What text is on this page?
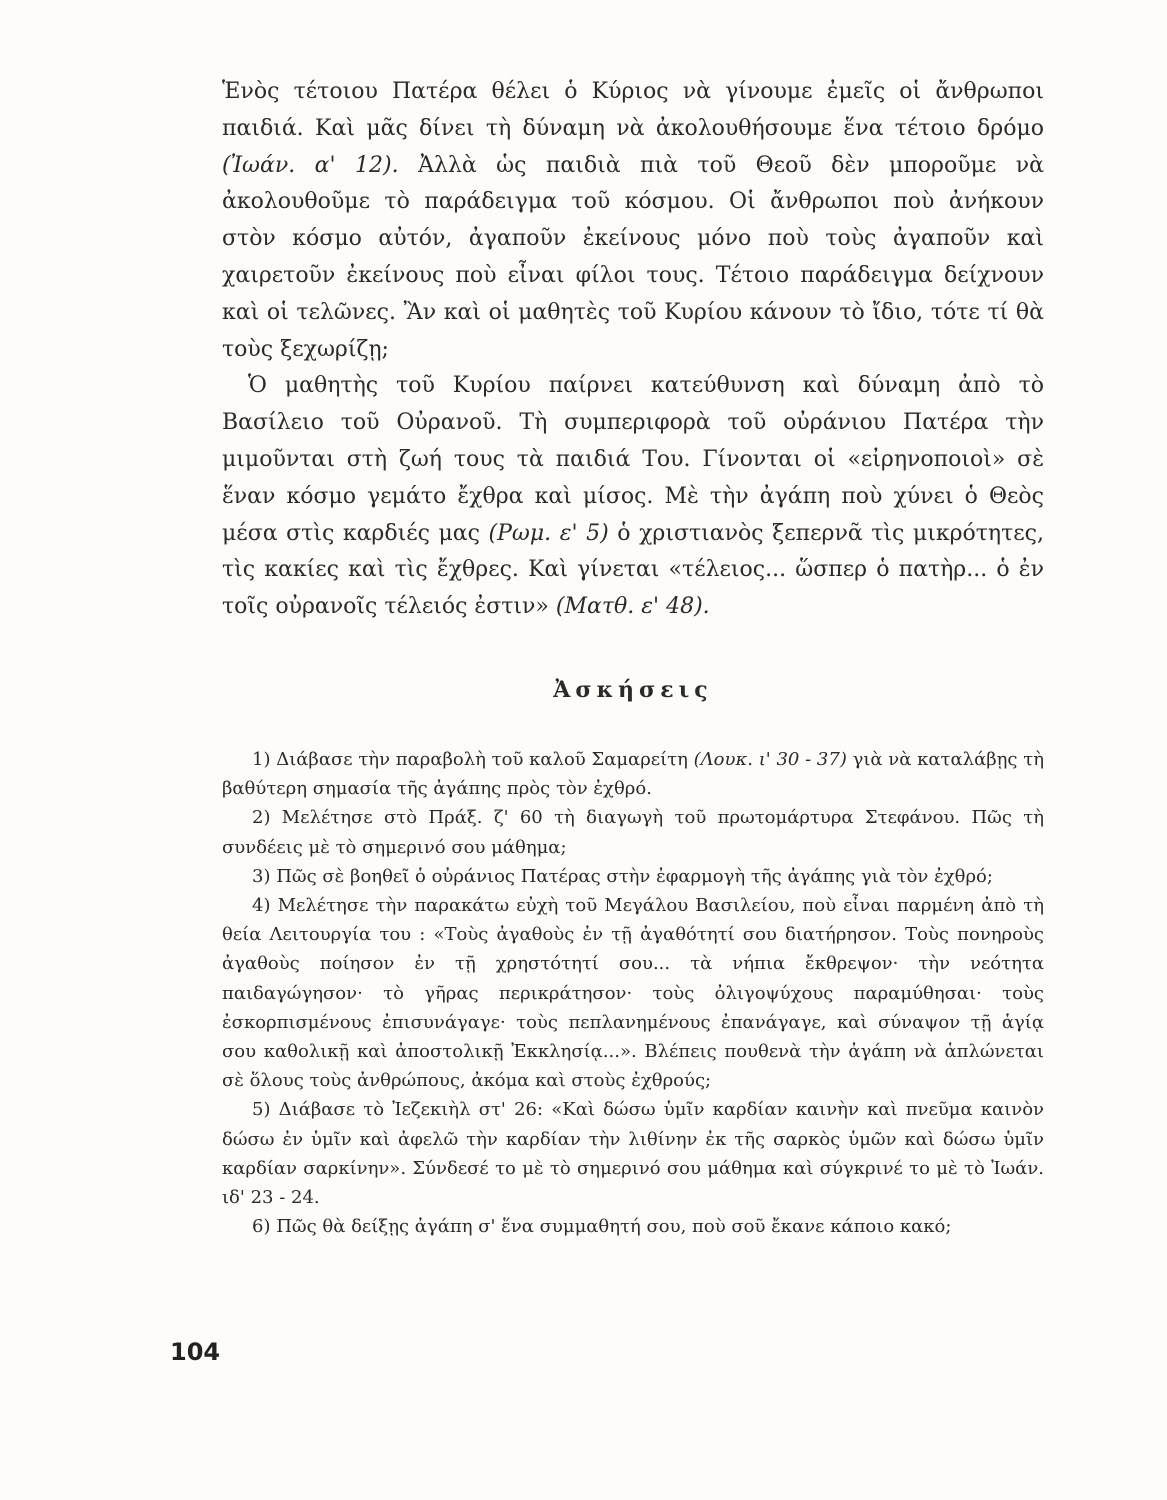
Ἑνὸς τέτοιου Πατέρα θέλει ὁ Κύριος νὰ γίνουμε ἐμεῖς οἱ ἄνθρωποι παιδιά. Καὶ μᾶς δίνει τὴ δύναμη νὰ ἀκολουθήσουμε ἕνα τέτοιο δρόμο (Ἰωάν. α' 12). Ἀλλὰ ὡς παιδιὰ πιὰ τοῦ Θεοῦ δὲν μποροῦμε νὰ ἀκολουθοῦμε τὸ παράδειγμα τοῦ κόσμου. Οἱ ἄνθρωποι ποὺ ἀνήκουν στὸν κόσμο αὐτόν, ἀγαποῦν ἐκείνους μόνο ποὺ τοὺς ἀγαποῦν καὶ χαιρετοῦν ἐκείνους ποὺ εἶναι φίλοι τους. Τέτοιο παράδειγμα δείχνουν καὶ οἱ τελῶνες. Ἂν καὶ οἱ μαθητὲς τοῦ Κυρίου κάνουν τὸ ἴδιο, τότε τί θὰ τοὺς ξεχωρίζῃ;

Ὁ μαθητὴς τοῦ Κυρίου παίρνει κατεύθυνση καὶ δύναμη ἀπὸ τὸ Βασίλειο τοῦ Οὐρανοῦ. Τὴ συμπεριφορὰ τοῦ οὐράνιου Πατέρα τὴν μιμοῦνται στὴ ζωή τους τὰ παιδιά Του. Γίνονται οἱ «εἰρηνοποιοὶ» σὲ ἕναν κόσμο γεμάτο ἔχθρα καὶ μίσος. Μὲ τὴν ἀγάπη ποὺ χύνει ὁ Θεὸς μέσα στὶς καρδιές μας (Ρωμ. ε' 5) ὁ χριστιανὸς ξεπερνᾶ τὶς μικρότητες, τὶς κακίες καὶ τὶς ἔχθρες. Καὶ γίνεται «τέλειος... ὥσπερ ὁ πατὴρ... ὁ ἐν τοῖς οὐρανοῖς τέλειός ἐστιν» (Ματθ. ε' 48).

Ἀσκήσεις

1) Διάβασε τὴν παραβολὴ τοῦ καλοῦ Σαμαρείτη (Λουκ. ι' 30 - 37) γιὰ νὰ καταλάβῃς τὴ βαθύτερη σημασία τῆς ἀγάπης πρὸς τὸν ἐχθρό.

2) Μελέτησε στὸ Πράξ. ζ' 60 τὴ διαγωγὴ τοῦ πρωτομάρτυρα Στεφάνου. Πῶς τὴ συνδέεις μὲ τὸ σημερινό σου μάθημα;

3) Πῶς σὲ βοηθεῖ ὁ οὐράνιος Πατέρας στὴν ἐφαρμογὴ τῆς ἀγάπης γιὰ τὸν ἐχθρό;

4) Μελέτησε τὴν παρακάτω εὐχὴ τοῦ Μεγάλου Βασιλείου, ποὺ εἶναι παρμένη ἀπὸ τὴ θεία Λειτουργία του : «Τοὺς ἀγαθοὺς ἐν τῇ ἀγαθότητί σου διατήρησον. Τοὺς πονηροὺς ἀγαθοὺς ποίησον ἐν τῇ χρηστότητί σου... τὰ νήπια ἔκθρεψον· τὴν νεότητα παιδαγώγησον· τὸ γῆρας περικράτησον· τοὺς ὀλιγοψύχους παραμύθησαι· τοὺς ἐσκορπισμένους ἐπισυνάγαγε· τοὺς πεπλανημένους ἐπανάγαγε, καὶ σύναψον τῇ ἁγίᾳ σου καθολικῇ καὶ ἀποστολικῇ Ἐκκλησίᾳ...». Βλέπεις πουθενὰ τὴν ἀγάπη νὰ ἁπλώνεται σὲ ὅλους τοὺς ἀνθρώπους, ἀκόμα καὶ στοὺς ἐχθρούς;

5) Διάβασε τὸ Ἰεζεκιὴλ στ' 26: «Καὶ δώσω ὑμῖν καρδίαν καινὴν καὶ πνεῦμα καινὸν δώσω ἐν ὑμῖν καὶ ἀφελῶ τὴν καρδίαν τὴν λιθίνην ἐκ τῆς σαρκὸς ὑμῶν καὶ δώσω ὑμῖν καρδίαν σαρκίνην». Σύνδεσέ το μὲ τὸ σημερινό σου μάθημα καὶ σύγκρινέ το μὲ τὸ Ἰωάν. ιδ' 23 - 24.

6) Πῶς θὰ δείξῃς ἀγάπη σ' ἕνα συμμαθητή σου, ποὺ σοῦ ἔκανε κάποιο κακό;

104
